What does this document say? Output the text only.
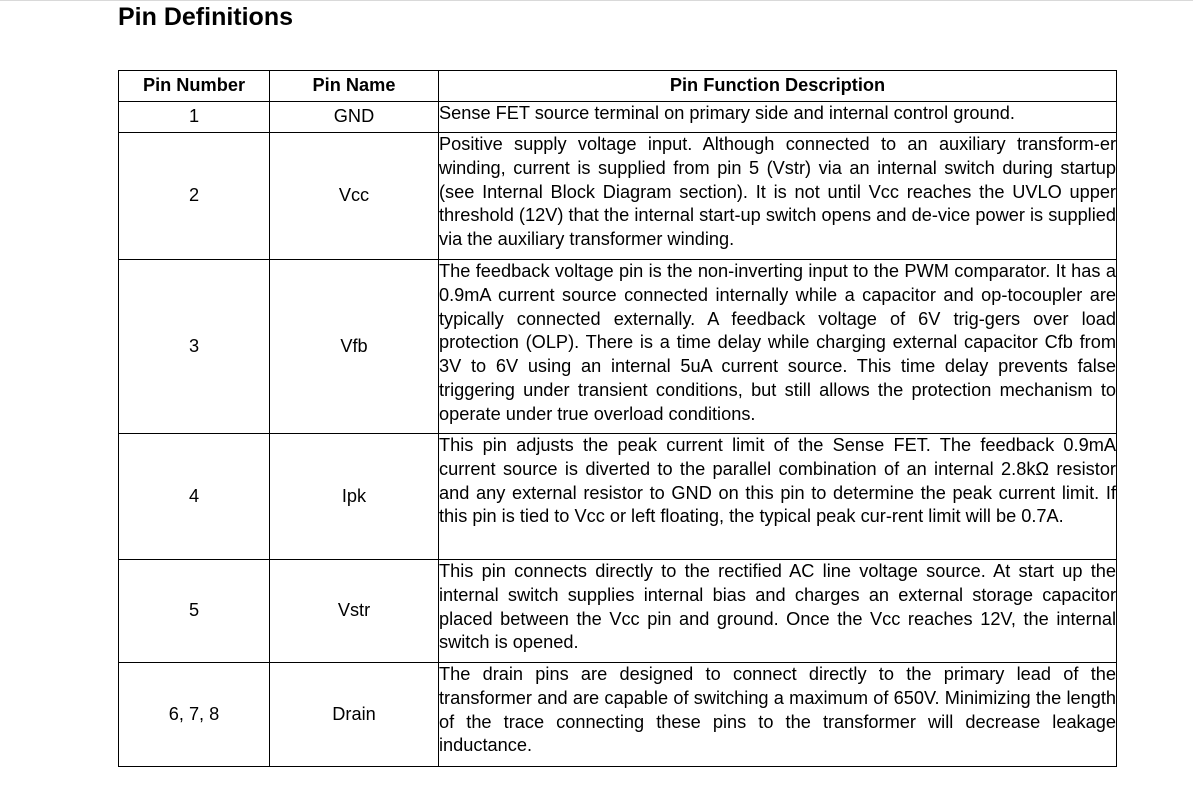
Pin Definitions
Pin Number	Pin Name	Pin Function Description
1	GND	Sense FET source terminal on primary side and internal control ground.
2	Vcc	Positive supply voltage input. Although connected to an auxiliary transform-er winding, current is supplied from pin 5 (Vstr) via an internal switch during startup (see Internal Block Diagram section). It is not until Vcc reaches the UVLO upper threshold (12V) that the internal start-up switch opens and de-vice power is supplied via the auxiliary transformer winding.
3	Vfb	The feedback voltage pin is the non-inverting input to the PWM comparator. It has a 0.9mA current source connected internally while a capacitor and op-tocoupler are typically connected externally. A feedback voltage of 6V trig-gers over load protection (OLP). There is a time delay while charging external capacitor Cfb from 3V to 6V using an internal 5uA current source. This time delay prevents false triggering under transient conditions, but still allows the protection mechanism to operate under true overload conditions.
4	Ipk	This pin adjusts the peak current limit of the Sense FET. The feedback 0.9mA current source is diverted to the parallel combination of an internal 2.8kΩ resistor and any external resistor to GND on this pin to determine the peak current limit. If this pin is tied to Vcc or left floating, the typical peak cur-rent limit will be 0.7A.
5	Vstr	This pin connects directly to the rectified AC line voltage source. At start up the internal switch supplies internal bias and charges an external storage capacitor placed between the Vcc pin and ground. Once the Vcc reaches 12V, the internal switch is opened.
6, 7, 8	Drain	The drain pins are designed to connect directly to the primary lead of the transformer and are capable of switching a maximum of 650V. Minimizing the length of the trace connecting these pins to the transformer will decrease leakage inductance.
